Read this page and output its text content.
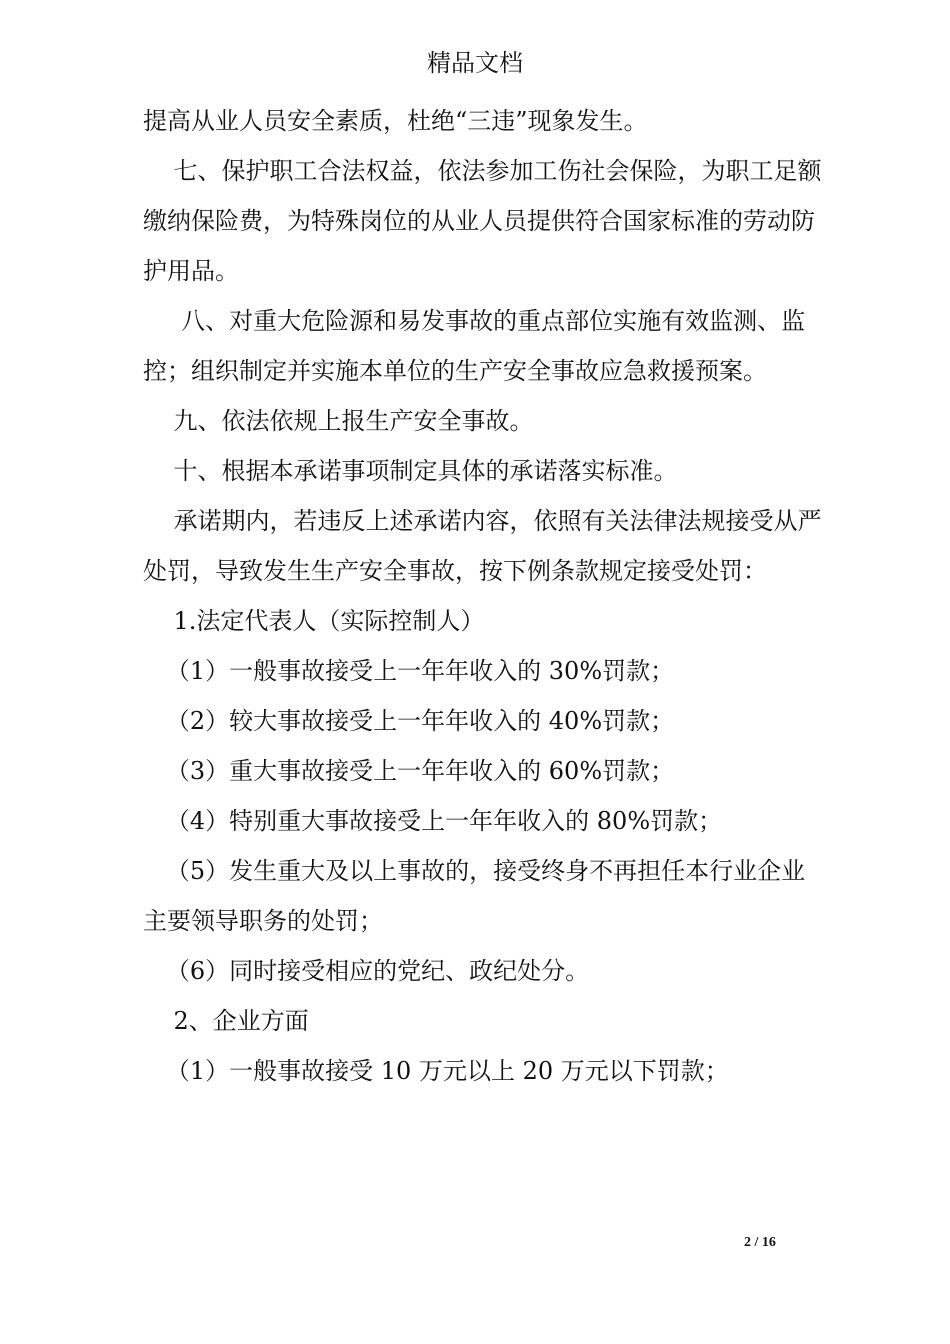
精品文档

提高从业人员安全素质，杜绝“三违”现象发生。

七、保护职工合法权益，依法参加工伤社会保险，为职工足额缴纳保险费，为特殊岗位的从业人员提供符合国家标准的劳动防护用品。

八、对重大危险源和易发事故的重点部位实施有效监测、监控；组织制定并实施本单位的生产安全事故应急救援预案。

九、依法依规上报生产安全事故。

十、根据本承诺事项制定具体的承诺落实标准。

承诺期内，若违反上述承诺内容，依照有关法律法规接受从严处罚，导致发生生产安全事故，按下例条款规定接受处罚：

1.法定代表人（实际控制人）

（1）一般事故接受上一年年收入的 30%罚款；

（2）较大事故接受上一年年收入的 40%罚款；

（3）重大事故接受上一年年收入的 60%罚款；

（4）特别重大事故接受上一年年收入的 80%罚款；

（5）发生重大及以上事故的，接受终身不再担任本行业企业主要领导职务的处罚；

（6）同时接受相应的党纪、政纪处分。

2、企业方面

（1）一般事故接受 10 万元以上 20 万元以下罚款；

2 / 16
